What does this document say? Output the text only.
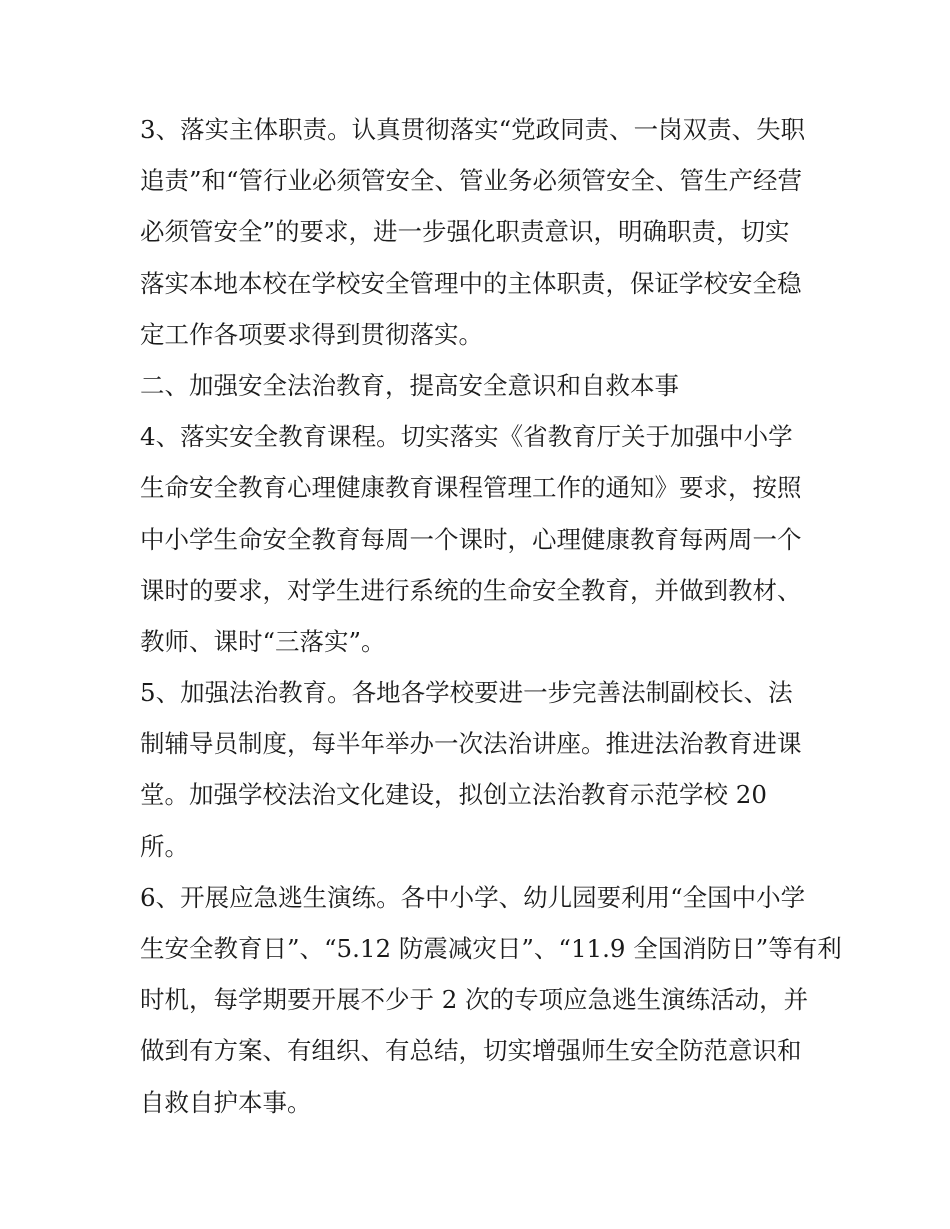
3、落实主体职责。认真贯彻落实“党政同责、一岗双责、失职
追责”和“管行业必须管安全、管业务必须管安全、管生产经营
必须管安全”的要求，进一步强化职责意识，明确职责，切实
落实本地本校在学校安全管理中的主体职责，保证学校安全稳
定工作各项要求得到贯彻落实。
二、加强安全法治教育，提高安全意识和自救本事
4、落实安全教育课程。切实落实《省教育厅关于加强中小学
生命安全教育心理健康教育课程管理工作的通知》要求，按照
中小学生命安全教育每周一个课时，心理健康教育每两周一个
课时的要求，对学生进行系统的生命安全教育，并做到教材、
教师、课时“三落实”。
5、加强法治教育。各地各学校要进一步完善法制副校长、法
制辅导员制度，每半年举办一次法治讲座。推进法治教育进课
堂。加强学校法治文化建设，拟创立法治教育示范学校 20
所。
6、开展应急逃生演练。各中小学、幼儿园要利用“全国中小学
生安全教育日”、“5.12 防震减灾日”、“11.9 全国消防日”等有利
时机，每学期要开展不少于 2 次的专项应急逃生演练活动，并
做到有方案、有组织、有总结，切实增强师生安全防范意识和
自救自护本事。
